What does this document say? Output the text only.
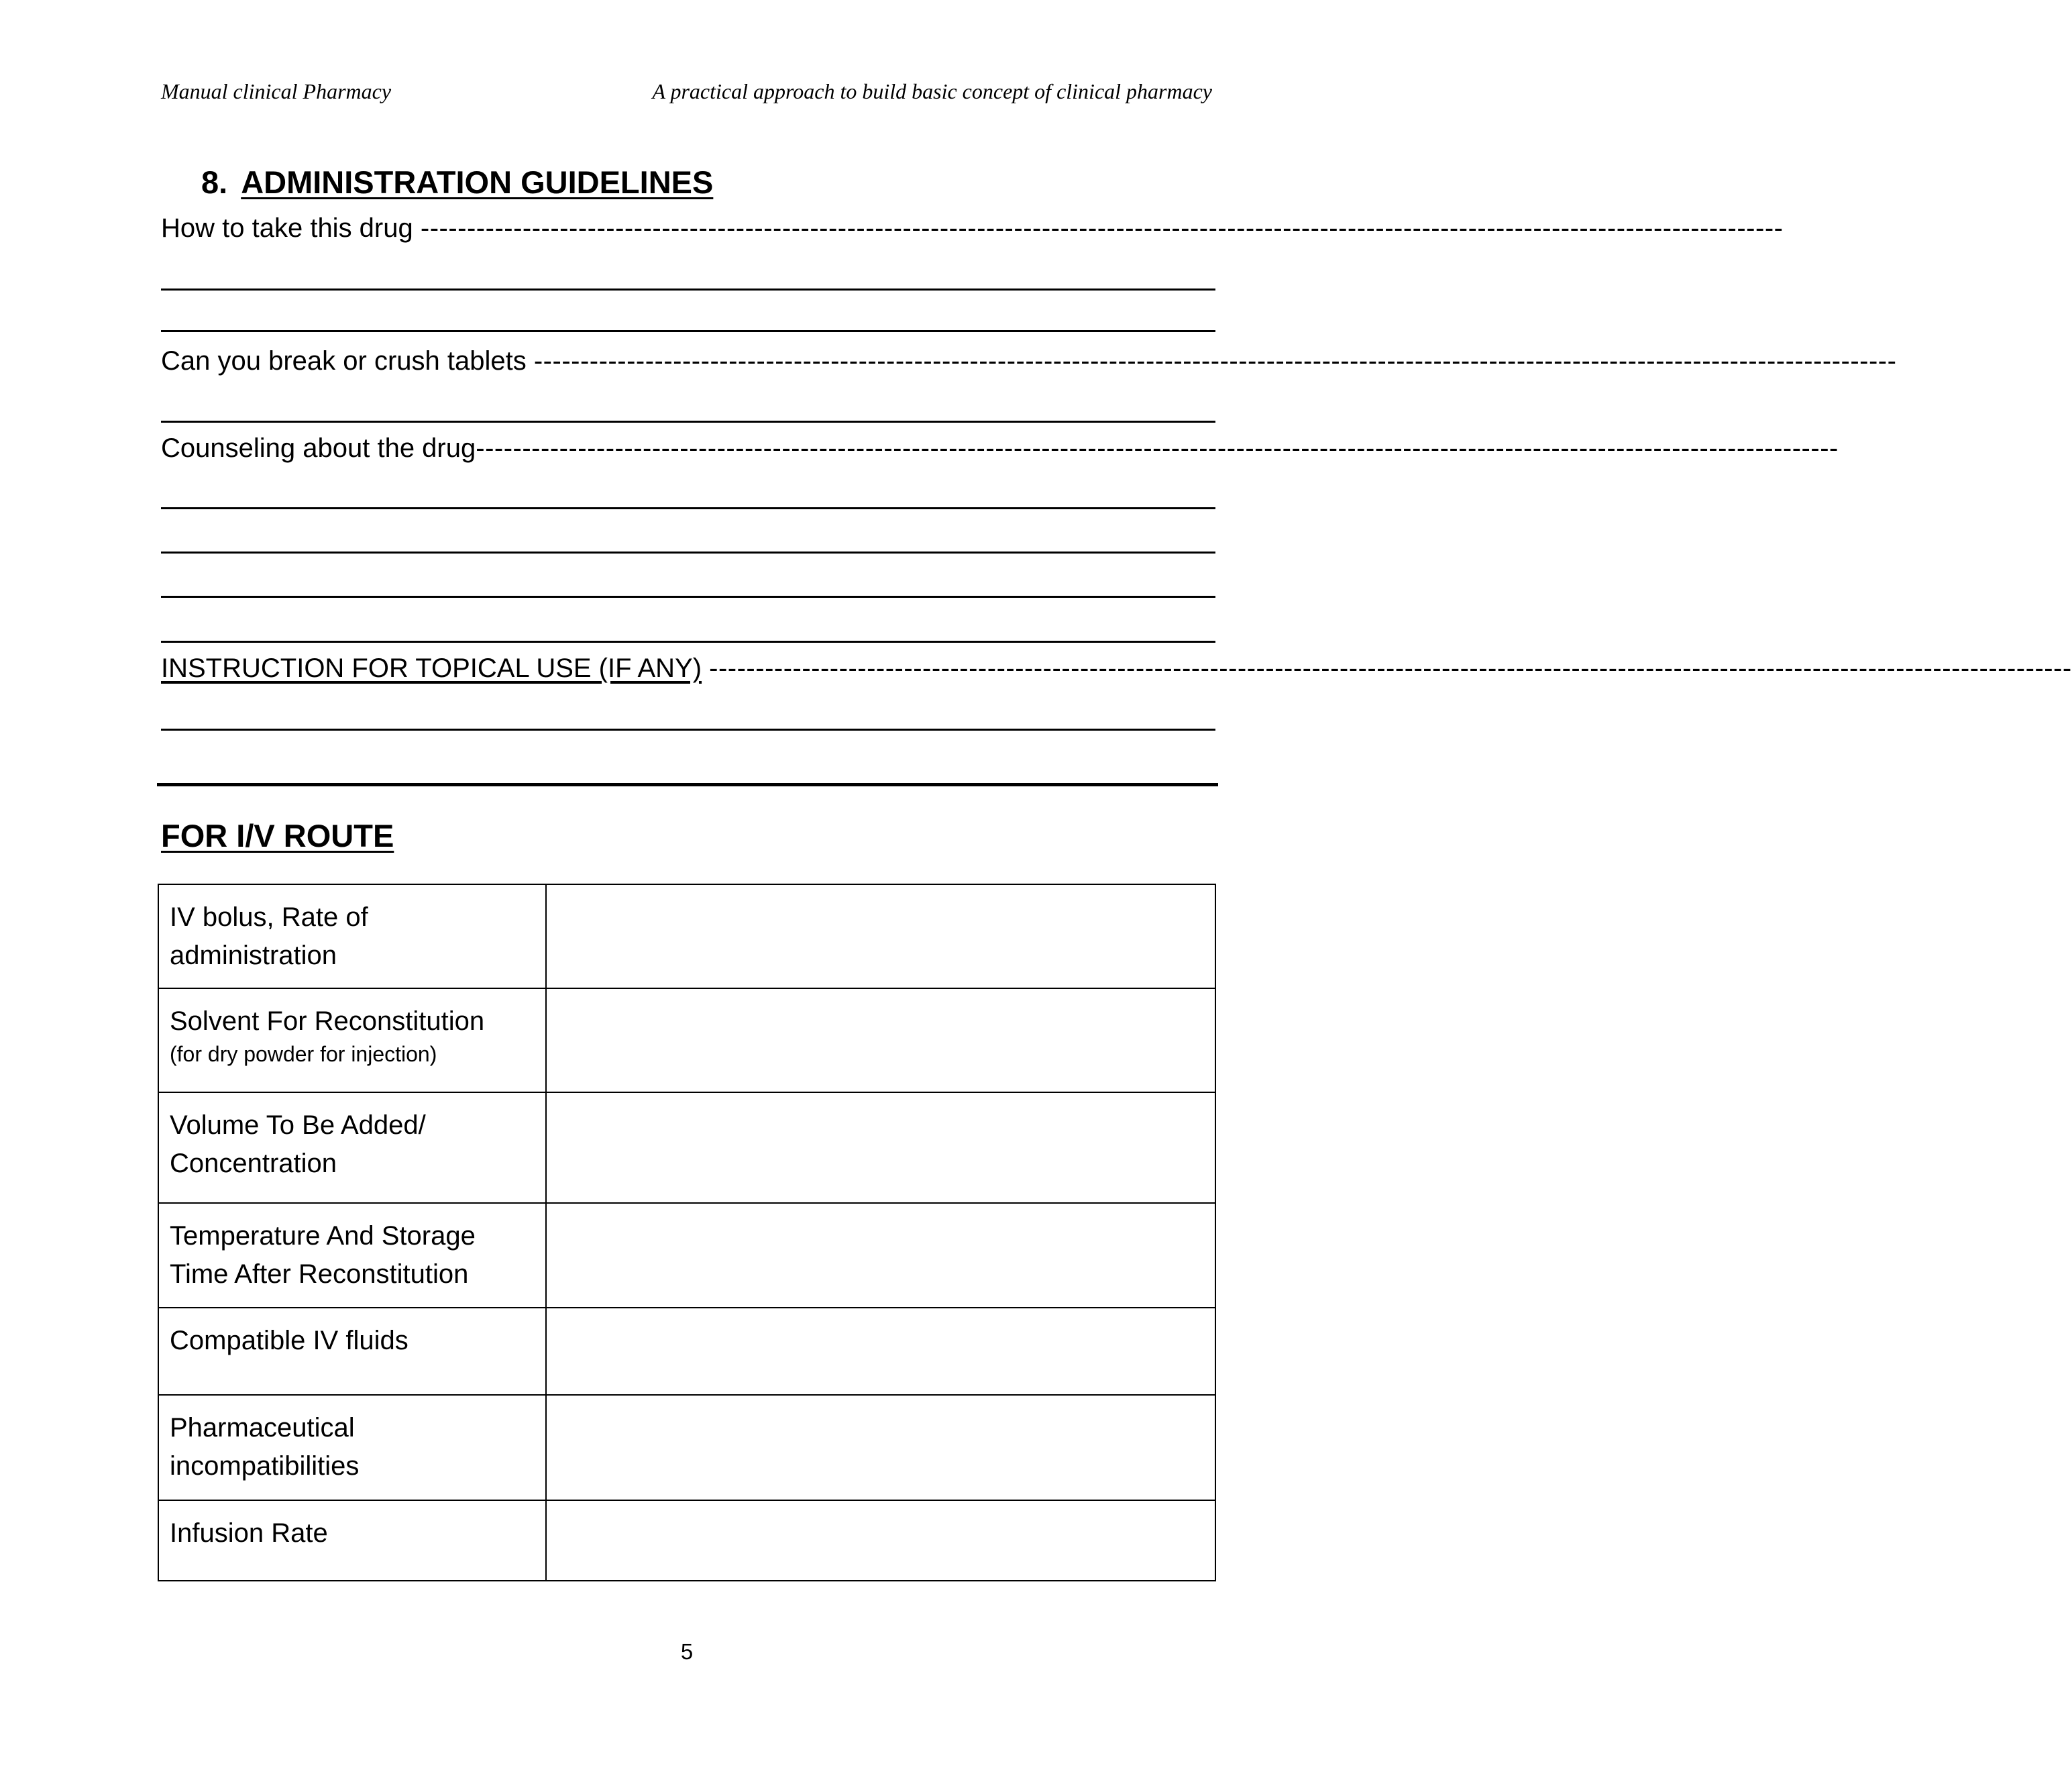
Manual clinical Pharmacy	A practical approach to build basic concept of clinical pharmacy
8. ADMINISTRATION GUIDELINES
How to take this drug ---------------------------------------------------------------------------------------------------------------------------------------------------
Can you break or crush tablets ---------------------------------------------------------------------------------------------------------------------------------------------------
Counseling about the drug---------------------------------------------------------------------------------------------------------------------------------------------------
INSTRUCTION FOR TOPICAL USE (IF ANY) ---------------------------------------------------------------------------------------------------------------------------------------------------
FOR I/V ROUTE
IV bolus, Rate of administration	
Solvent For Reconstitution
(for dry powder for injection)	

Volume To Be Added/ Concentration	
Temperature And Storage Time After Reconstitution	
Compatible IV fluids	
Pharmaceutical incompatibilities	
Infusion Rate	
5
